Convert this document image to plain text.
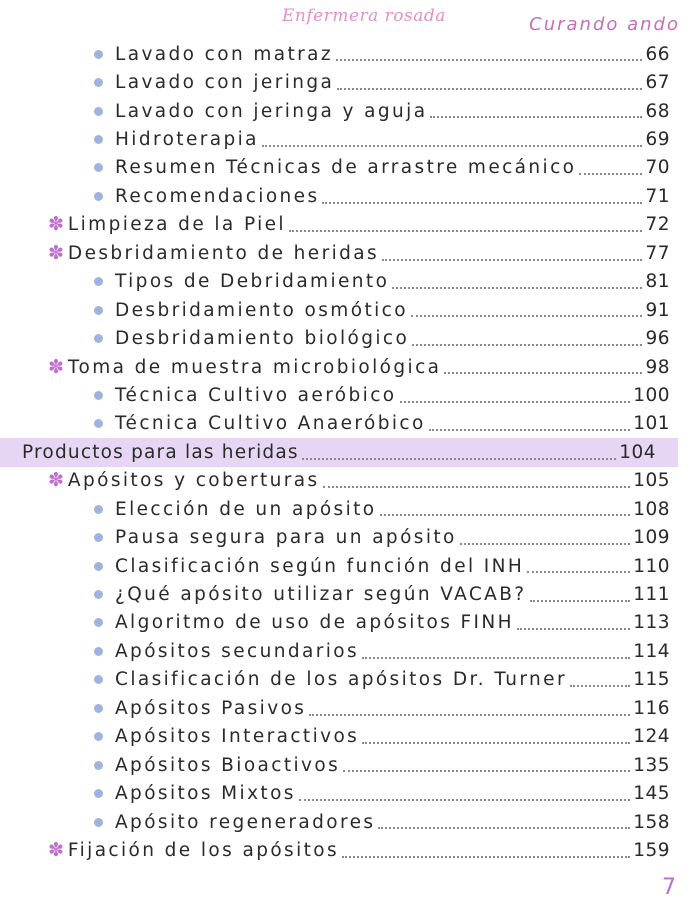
Enfermera rosada	Curando ando
Lavado con matraz	66
Lavado con jeringa	67
Lavado con jeringa y aguja	68
Hidroterapia	69
Resumen Técnicas de arrastre mecánico	70
Recomendaciones	71
✽ Limpieza de la Piel	72
✽ Desbridamiento de heridas	77
Tipos de Debridamiento	81
Desbridamiento osmótico	91
Desbridamiento biológico	96
✽ Toma de muestra microbiológica	98
Técnica Cultivo aeróbico	100
Técnica Cultivo Anaeróbico	101
Productos para las heridas	104
✽ Apósitos y coberturas	105
Elección de un apósito	108
Pausa segura para un apósito	109
Clasificación según función del INH	110
¿Qué apósito utilizar según VACAB?	111
Algoritmo de uso de apósitos FINH	113
Apósitos secundarios	114
Clasificación de los apósitos Dr. Turner	115
Apósitos Pasivos	116
Apósitos Interactivos	124
Apósitos Bioactivos	135
Apósitos Mixtos	145
Apósito regeneradores	158
✽ Fijación de los apósitos	159
7
